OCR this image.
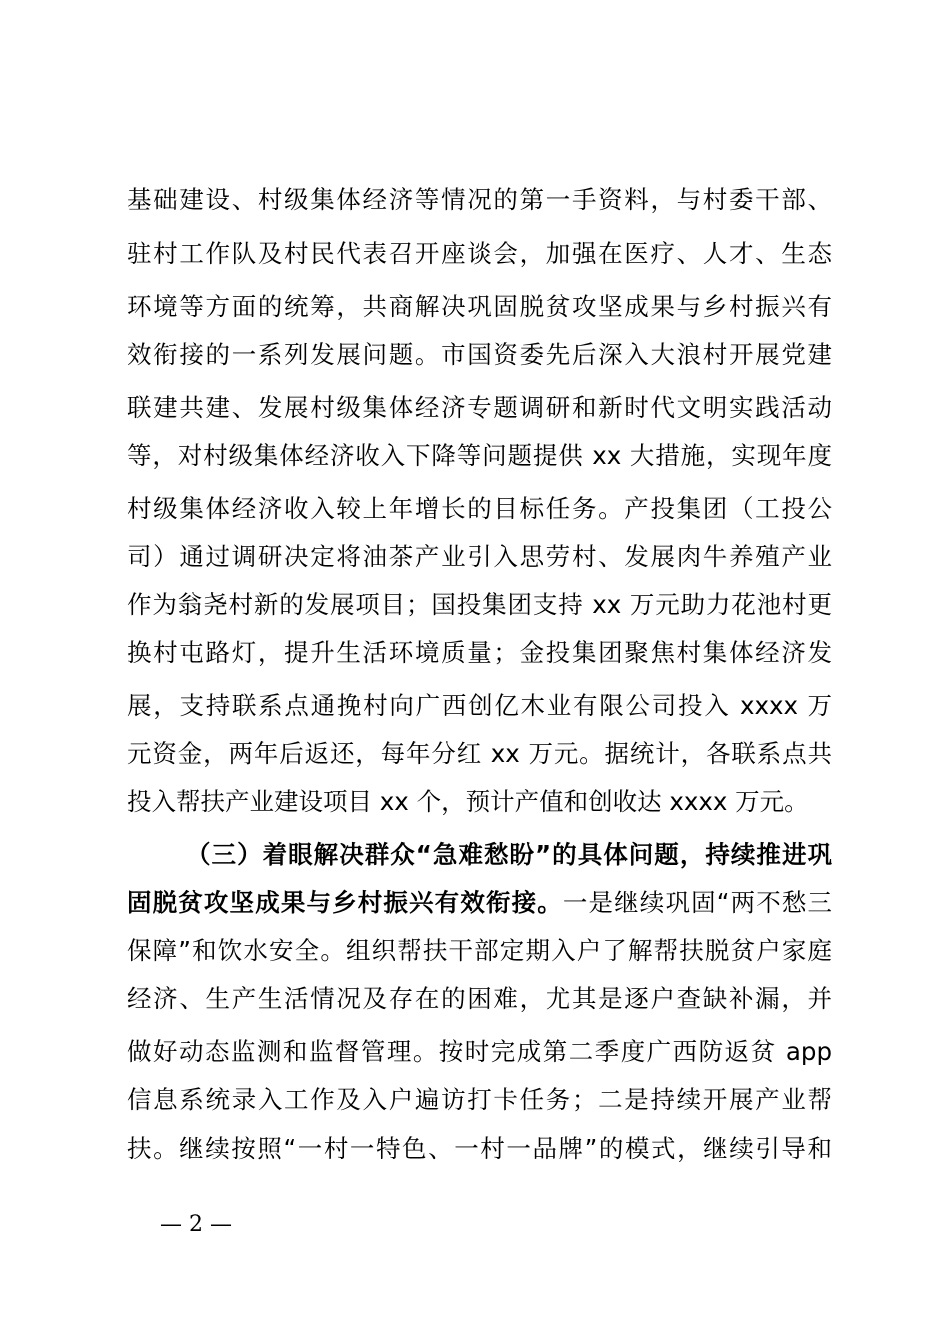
基础建设、村级集体经济等情况的第一手资料，与村委干部、
驻村工作队及村民代表召开座谈会，加强在医疗、人才、生态
环境等方面的统筹，共商解决巩固脱贫攻坚成果与乡村振兴有
效衔接的一系列发展问题。市国资委先后深入大浪村开展党建
联建共建、发展村级集体经济专题调研和新时代文明实践活动
等，对村级集体经济收入下降等问题提供 xx 大措施，实现年度
村级集体经济收入较上年增长的目标任务。产投集团（工投公
司）通过调研决定将油茶产业引入思劳村、发展肉牛养殖产业
作为翁尧村新的发展项目；国投集团支持 xx 万元助力花池村更
换村屯路灯，提升生活环境质量；金投集团聚焦村集体经济发
展，支持联系点通挽村向广西创亿木业有限公司投入 xxxx 万
元资金，两年后返还，每年分红 xx 万元。据统计，各联系点共
投入帮扶产业建设项目 xx 个，预计产值和创收达 xxxx 万元。
（三）着眼解决群众“急难愁盼”的具体问题，持续推进巩
固脱贫攻坚成果与乡村振兴有效衔接。一是继续巩固“两不愁三
保障”和饮水安全。组织帮扶干部定期入户了解帮扶脱贫户家庭
经济、生产生活情况及存在的困难，尤其是逐户查缺补漏，并
做好动态监测和监督管理。按时完成第二季度广西防返贫 app
信息系统录入工作及入户遍访打卡任务；二是持续开展产业帮
扶。继续按照“一村一特色、一村一品牌”的模式，继续引导和
— 2 —
